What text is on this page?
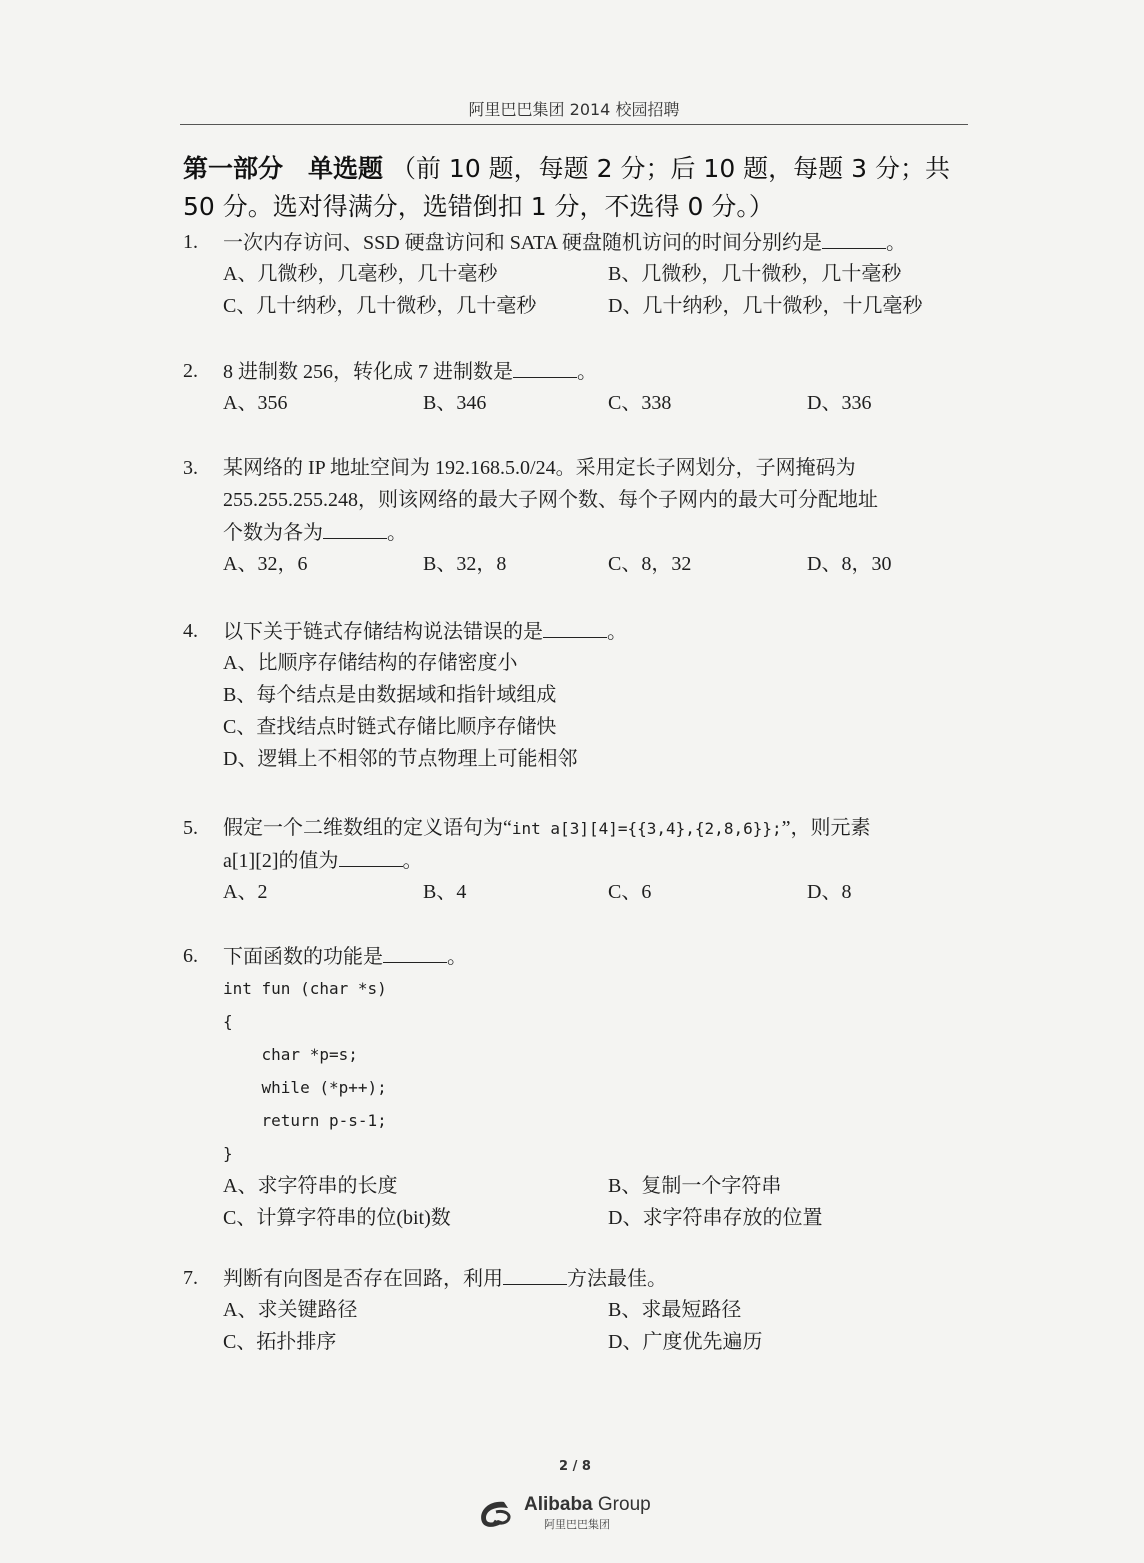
阿里巴巴集团 2014 校园招聘
第一部分　单选题 （前 10 题，每题 2 分；后 10 题，每题 3 分；共 50 分。选对得满分，选错倒扣 1 分，不选得 0 分。）
1. 一次内存访问、SSD 硬盘访问和 SATA 硬盘随机访问的时间分别约是	。
A、几微秒，几毫秒，几十毫秒	B、几微秒，几十微秒，几十毫秒
C、几十纳秒，几十微秒，几十毫秒	D、几十纳秒，几十微秒，十几毫秒
2. 8 进制数 256，转化成 7 进制数是	。
A、356	B、346	C、338	D、336
3. 某网络的 IP 地址空间为 192.168.5.0/24。采用定长子网划分，子网掩码为
255.255.255.248，则该网络的最大子网个数、每个子网内的最大可分配地址
个数为各为	。
A、32，6	B、32，8	C、8，32	D、8，30
4. 以下关于链式存储结构说法错误的是	。
A、比顺序存储结构的存储密度小
B、每个结点是由数据域和指针域组成
C、查找结点时链式存储比顺序存储快
D、逻辑上不相邻的节点物理上可能相邻
5. 假定一个二维数组的定义语句为“int a[3][4]={{3,4},{2,8,6}};”，则元素
a[1][2]的值为	。
A、2	B、4	C、6	D、8
6. 下面函数的功能是	。
int fun (char *s)
{
char *p=s;
while (*p++);
return p-s-1;
}
A、求字符串的长度	B、复制一个字符串
C、计算字符串的位(bit)数	D、求字符串存放的位置
7. 判断有向图是否存在回路，利用	方法最佳。
A、求关键路径	B、求最短路径
C、拓扑排序	D、广度优先遍历
2 / 8
Alibaba Group
阿里巴巴集团
